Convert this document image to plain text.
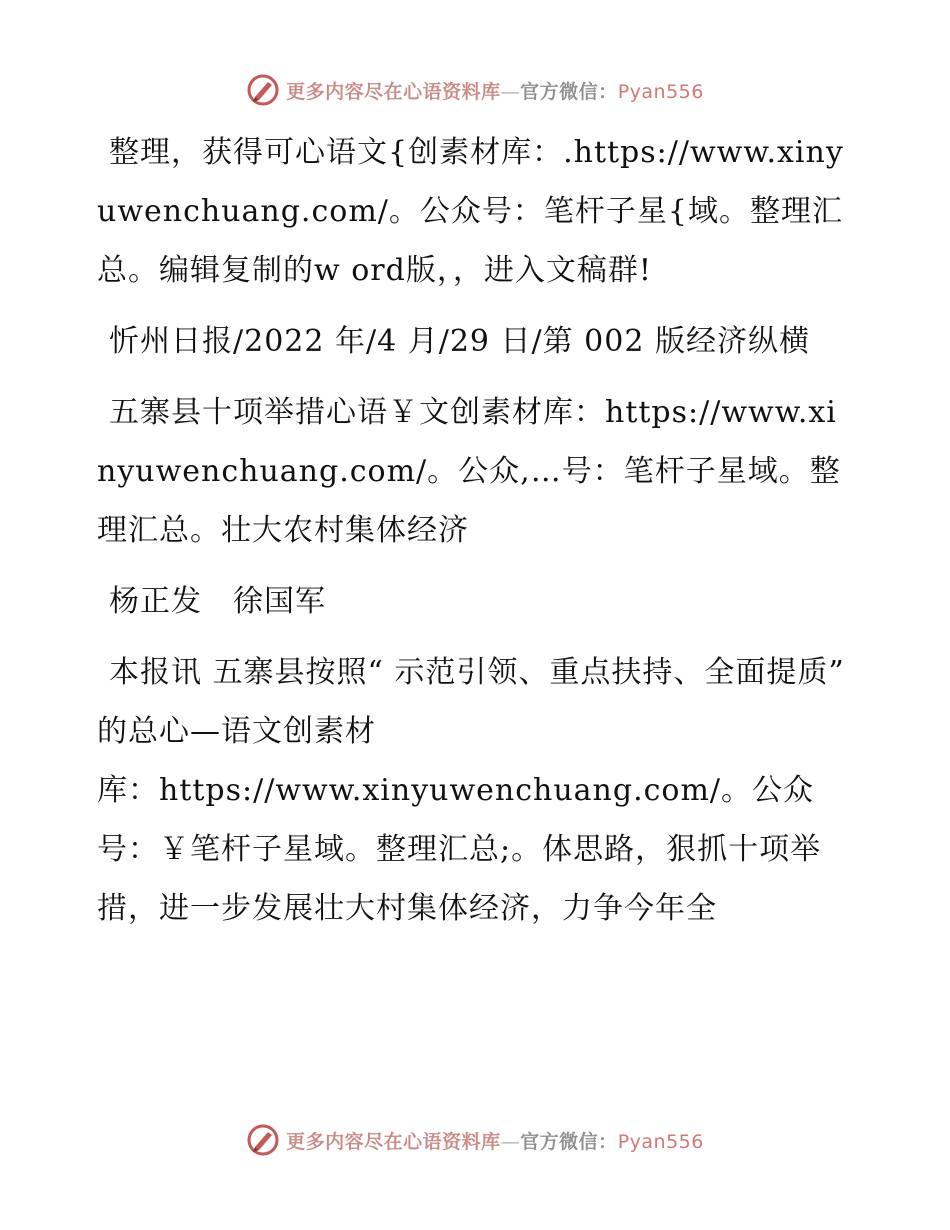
更多内容尽在心语资料库—官方微信：Pyan556

整理，获得可心语文{创素材库：.https://www.xinyuwenchuang.com/。公众号：笔杆子星{域。整理汇总。编辑复制的w ord版，，进入文稿群!

忻州日报/2022 年/4 月/29 日/第 002 版经济纵横

五寨县十项举措心语￥文创素材库：https://www.xinyuwenchuang.com/。公众,…号：笔杆子星域。整理汇总。壮大农村集体经济

杨正发　徐国军

本报讯 五寨县按照“ 示范引领、重点扶持、全面提质” 的总心—语文创素材

库：https://www.xinyuwenchuang.com/。公众号：￥笔杆子星域。整理汇总;。体思路，狠抓十项举措，进一步发展壮大村集体经济，力争今年全

更多内容尽在心语资料库—官方微信：Pyan556
